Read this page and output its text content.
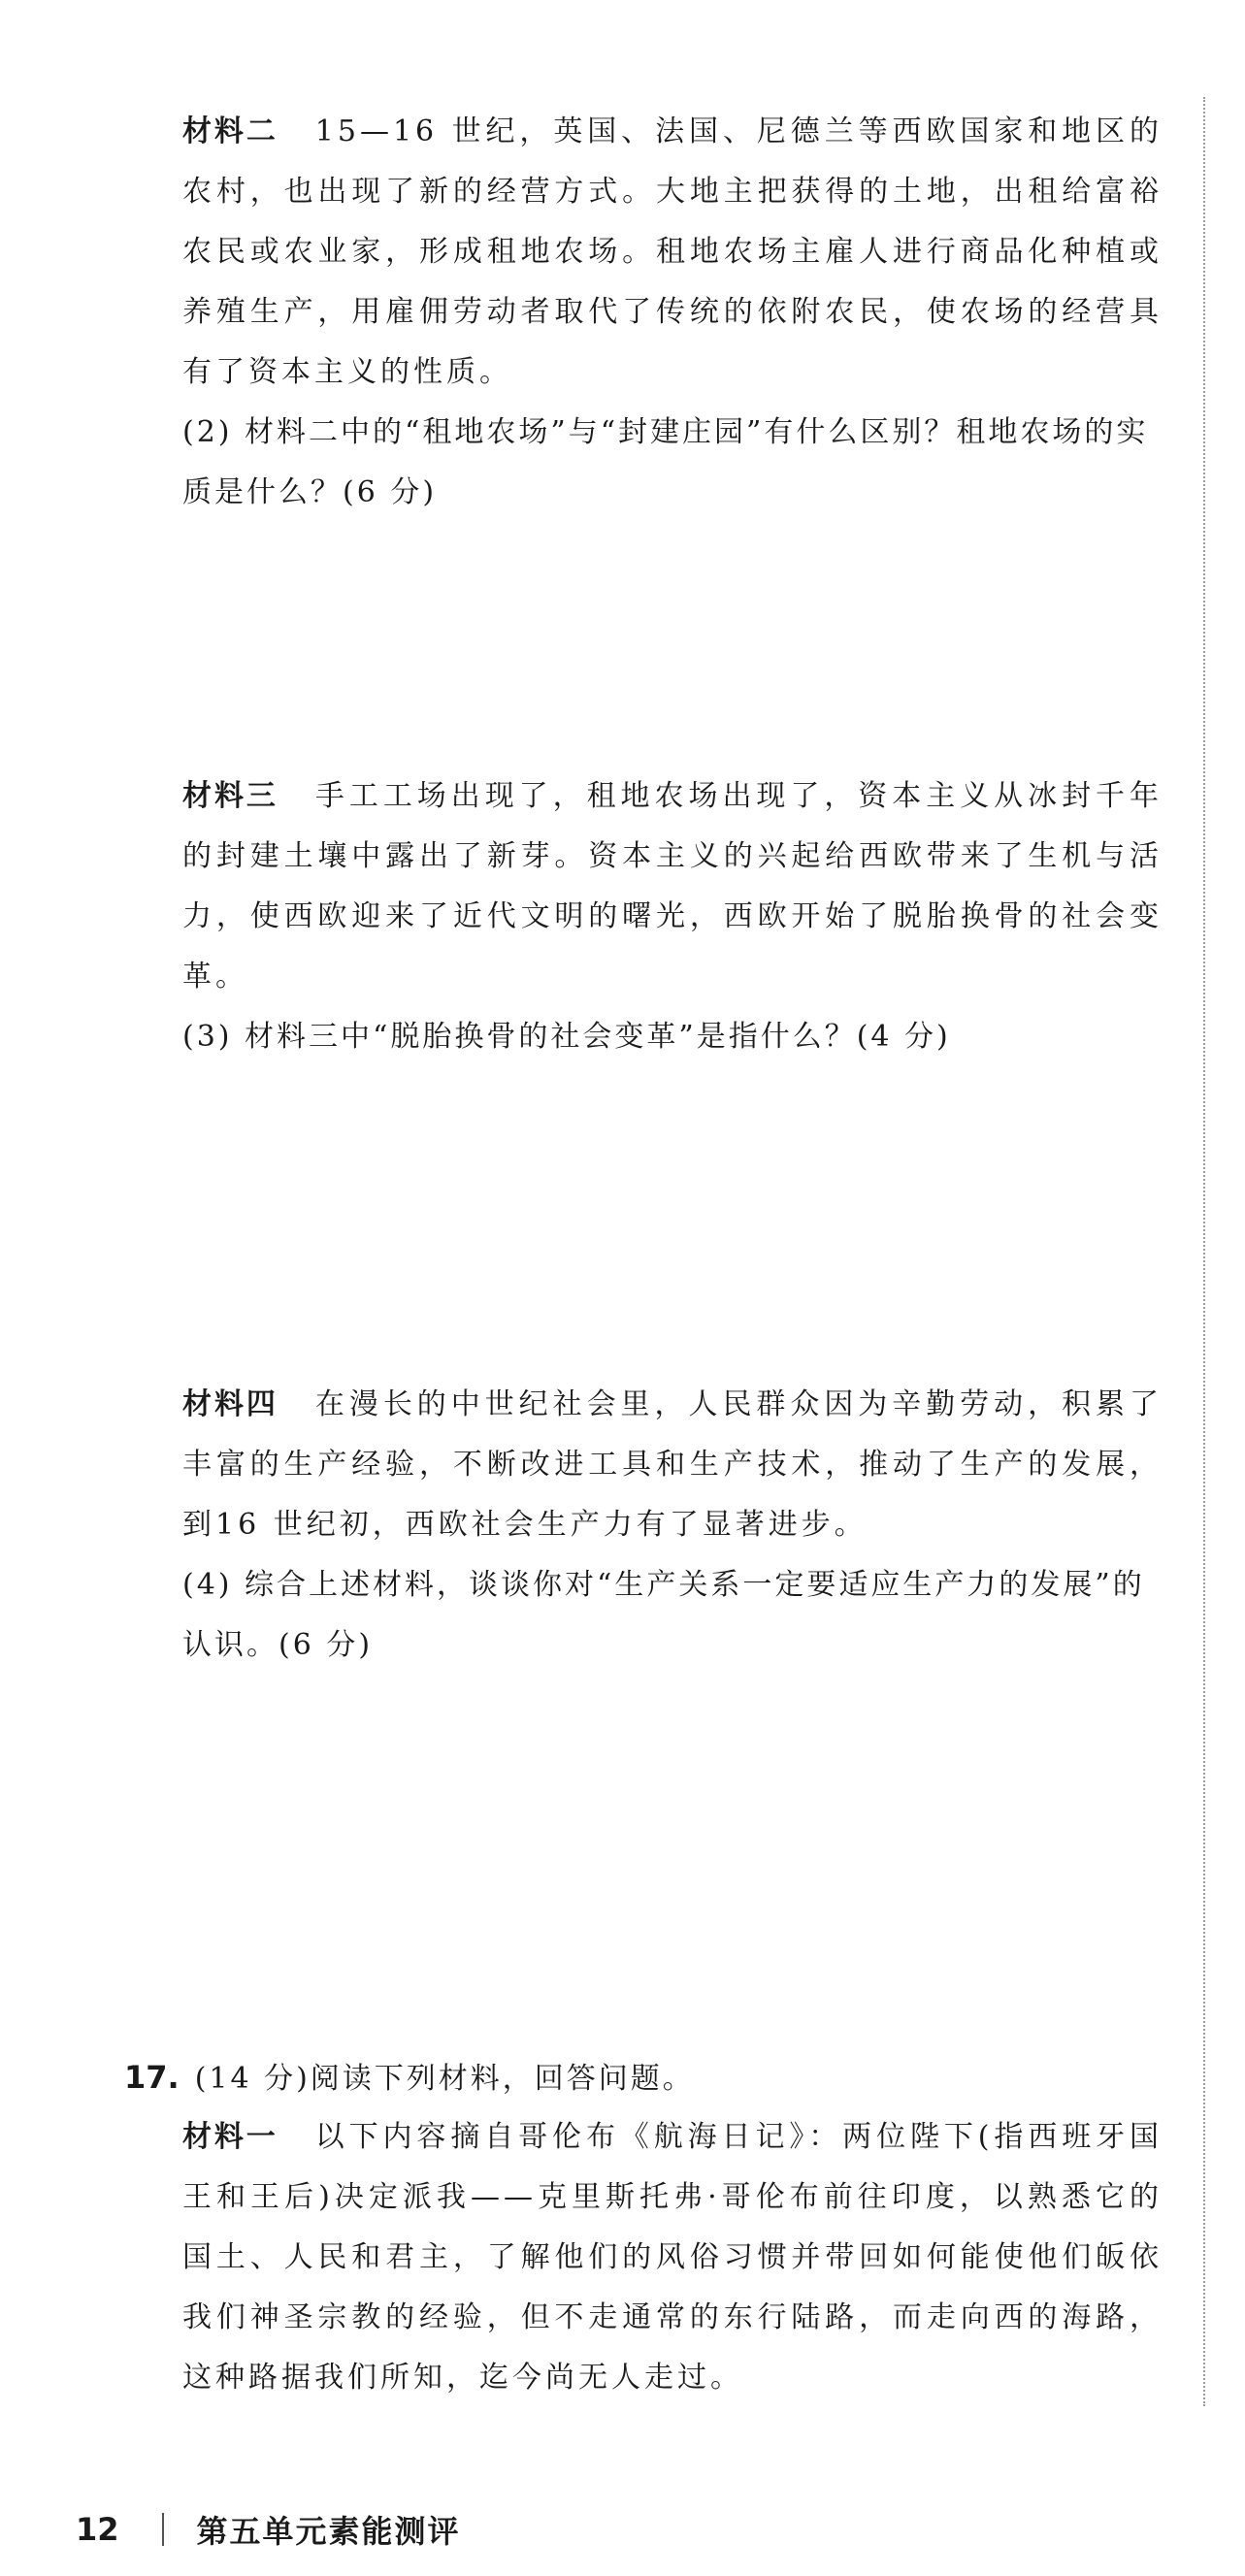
材料二 15—16 世纪，英国、法国、尼德兰等西欧国家和地区的农村，也出现了新的经营方式。大地主把获得的土地，出租给富裕农民或农业家，形成租地农场。租地农场主雇人进行商品化种植或养殖生产，用雇佣劳动者取代了传统的依附农民，使农场的经营具有了资本主义的性质。
(2) 材料二中的“租地农场”与“封建庄园”有什么区别？租地农场的实质是什么？(6 分)
材料三 手工工场出现了，租地农场出现了，资本主义从冰封千年的封建土壤中露出了新芽。资本主义的兴起给西欧带来了生机与活力，使西欧迎来了近代文明的曙光，西欧开始了脱胎换骨的社会变革。
(3) 材料三中“脱胎换骨的社会变革”是指什么？(4 分)
材料四 在漫长的中世纪社会里，人民群众因为辛勤劳动，积累了丰富的生产经验，不断改进工具和生产技术，推动了生产的发展，到16 世纪初，西欧社会生产力有了显著进步。
(4) 综合上述材料，谈谈你对“生产关系一定要适应生产力的发展”的认识。(6 分)
17. (14 分)阅读下列材料，回答问题。
材料一 以下内容摘自哥伦布《航海日记》：两位陛下(指西班牙国王和王后)决定派我——克里斯托弗·哥伦布前往印度，以熟悉它的国土、人民和君主，了解他们的风俗习惯并带回如何能使他们皈依我们神圣宗教的经验，但不走通常的东行陆路，而走向西的海路，这种路据我们所知，迄今尚无人走过。
12	第五单元素能测评
